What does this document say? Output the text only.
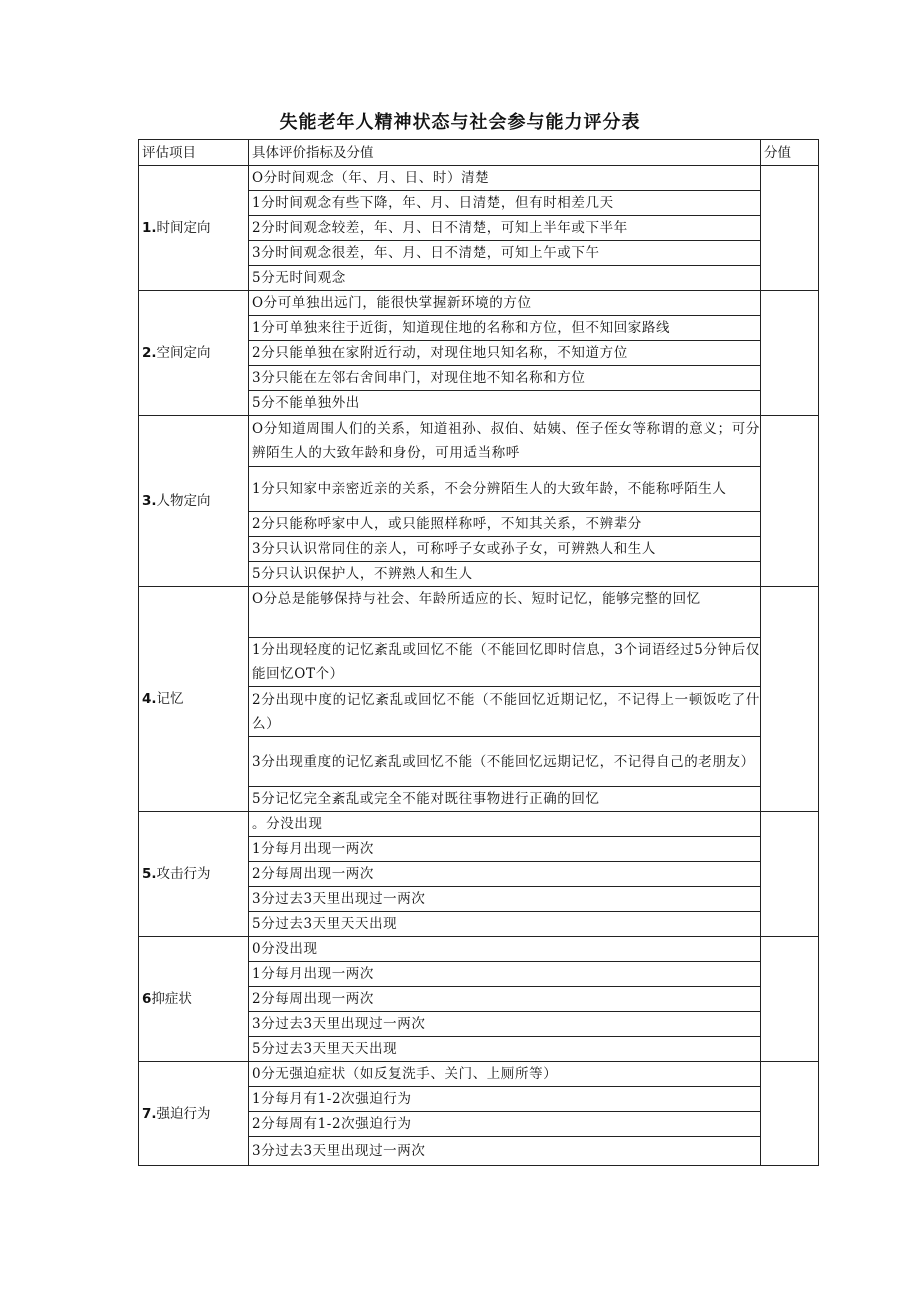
失能老年人精神状态与社会参与能力评分表
评估项目	具体评价指标及分值	分值
1.时间定向	O分时间观念（年、月、日、时）清楚	
	1分时间观念有些下降，年、月、日清楚，但有时相差几天	
	2分时间观念较差，年、月、日不清楚，可知上半年或下半年	
	3分时间观念很差，年、月、日不清楚，可知上午或下午	
	5分无时间观念	
2.空间定向	O分可单独出远门，能很快掌握新环境的方位	
	1分可单独来往于近街，知道现住地的名称和方位，但不知回家路线	
	2分只能单独在家附近行动，对现住地只知名称，不知道方位	
	3分只能在左邻右舍间串门，对现住地不知名称和方位	
	5分不能单独外出	
3.人物定向	O分知道周围人们的关系，知道祖孙、叔伯、姑姨、侄子侄女等称谓的意义；可分辨陌生人的大致年龄和身份，可用适当称呼	
	1分只知家中亲密近亲的关系，不会分辨陌生人的大致年龄，不能称呼陌生人	
	2分只能称呼家中人，或只能照样称呼，不知其关系，不辨辈分	
	3分只认识常同住的亲人，可称呼子女或孙子女，可辨熟人和生人	
	5分只认识保护人，不辨熟人和生人	
4.记忆	O分总是能够保持与社会、年龄所适应的长、短时记忆，能够完整的回忆	
	1分出现轻度的记忆紊乱或回忆不能（不能回忆即时信息，3个词语经过5分钟后仅能回忆OT个）	
	2分出现中度的记忆紊乱或回忆不能（不能回忆近期记忆，不记得上一顿饭吃了什么）	
	3分出现重度的记忆紊乱或回忆不能（不能回忆远期记忆，不记得自己的老朋友）	
	5分记忆完全紊乱或完全不能对既往事物进行正确的回忆	
5.攻击行为	。分没出现	
	1分每月出现一两次	
	2分每周出现一两次	
	3分过去3天里出现过一两次	
	5分过去3天里天天出现	
6抑症状	0分没出现	
	1分每月出现一两次	
	2分每周出现一两次	
	3分过去3天里出现过一两次	
	5分过去3天里天天出现	
7.强迫行为	0分无强迫症状（如反复洗手、关门、上厕所等）	
	1分每月有1-2次强迫行为	
	2分每周有1-2次强迫行为	
	3分过去3天里出现过一两次	
